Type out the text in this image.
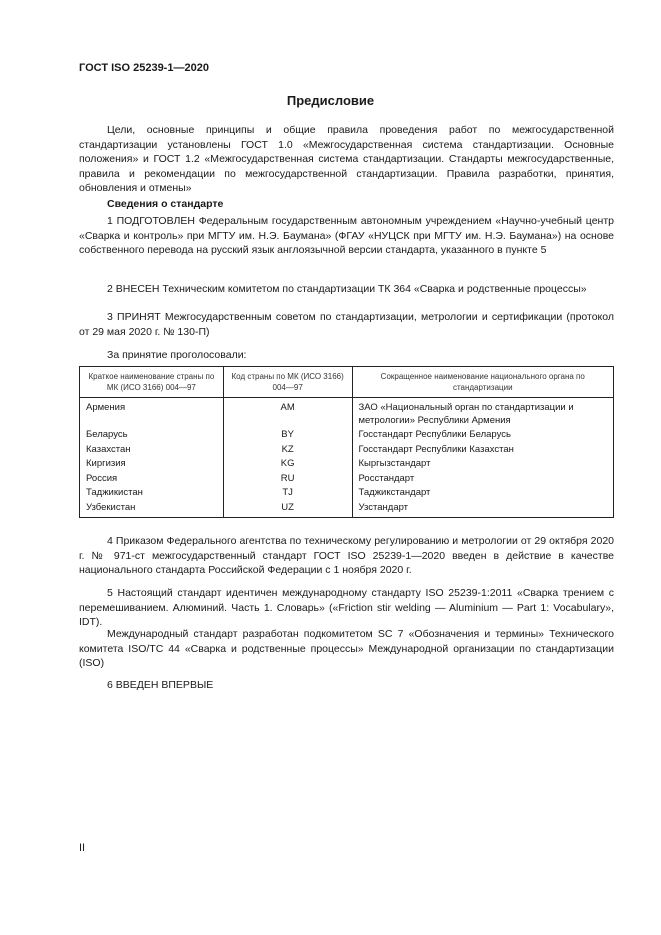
ГОСТ ISO 25239-1—2020
Предисловие

Цели, основные принципы и общие правила проведения работ по межгосударственной стандартизации установлены ГОСТ 1.0 «Межгосударственная система стандартизации. Основные положения» и ГОСТ 1.2 «Межгосударственная система стандартизации. Стандарты межгосударственные, правила и рекомендации по межгосударственной стандартизации. Правила разработки, принятия, обновления и отмены»

Сведения о стандарте

1 ПОДГОТОВЛЕН Федеральным государственным автономным учреждением «Научно-учебный центр «Сварка и контроль» при МГТУ им. Н.Э. Баумана» (ФГАУ «НУЦСК при МГТУ им. Н.Э. Баумана») на основе собственного перевода на русский язык англоязычной версии стандарта, указанного в пункте 5

2 ВНЕСЕН Техническим комитетом по стандартизации ТК 364 «Сварка и родственные процессы»

3 ПРИНЯТ Межгосударственным советом по стандартизации, метрологии и сертификации (протокол от 29 мая 2020 г. № 130-П)

За принятие проголосовали:
Краткое наименование страны по МК (ИСО 3166) 004—97	Код страны по МК (ИСО 3166) 004—97	Сокращенное наименование национального органа по стандартизации
Армения	AM	ЗАО «Национальный орган по стандартизации и метрологии» Республики Армения
Беларусь	BY	Госстандарт Республики Беларусь
Казахстан	KZ	Госстандарт Республики Казахстан
Киргизия	KG	Кыргызстандарт
Россия	RU	Росстандарт
Таджикистан	TJ	Таджикстандарт
Узбекистан	UZ	Узстандарт

4 Приказом Федерального агентства по техническому регулированию и метрологии от 29 октября 2020 г. № 971-ст межгосударственный стандарт ГОСТ ISO 25239-1—2020 введен в действие в качестве национального стандарта Российской Федерации с 1 ноября 2020 г.

5 Настоящий стандарт идентичен международному стандарту ISO 25239-1:2011 «Сварка трением с перемешиванием. Алюминий. Часть 1. Словарь» («Friction stir welding — Aluminium — Part 1: Vocabulary», IDT).

Международный стандарт разработан подкомитетом SC 7 «Обозначения и термины» Технического комитета ISO/TC 44 «Сварка и родственные процессы» Международной организации по стандартизации (ISO)

6 ВВЕДЕН ВПЕРВЫЕ

II
